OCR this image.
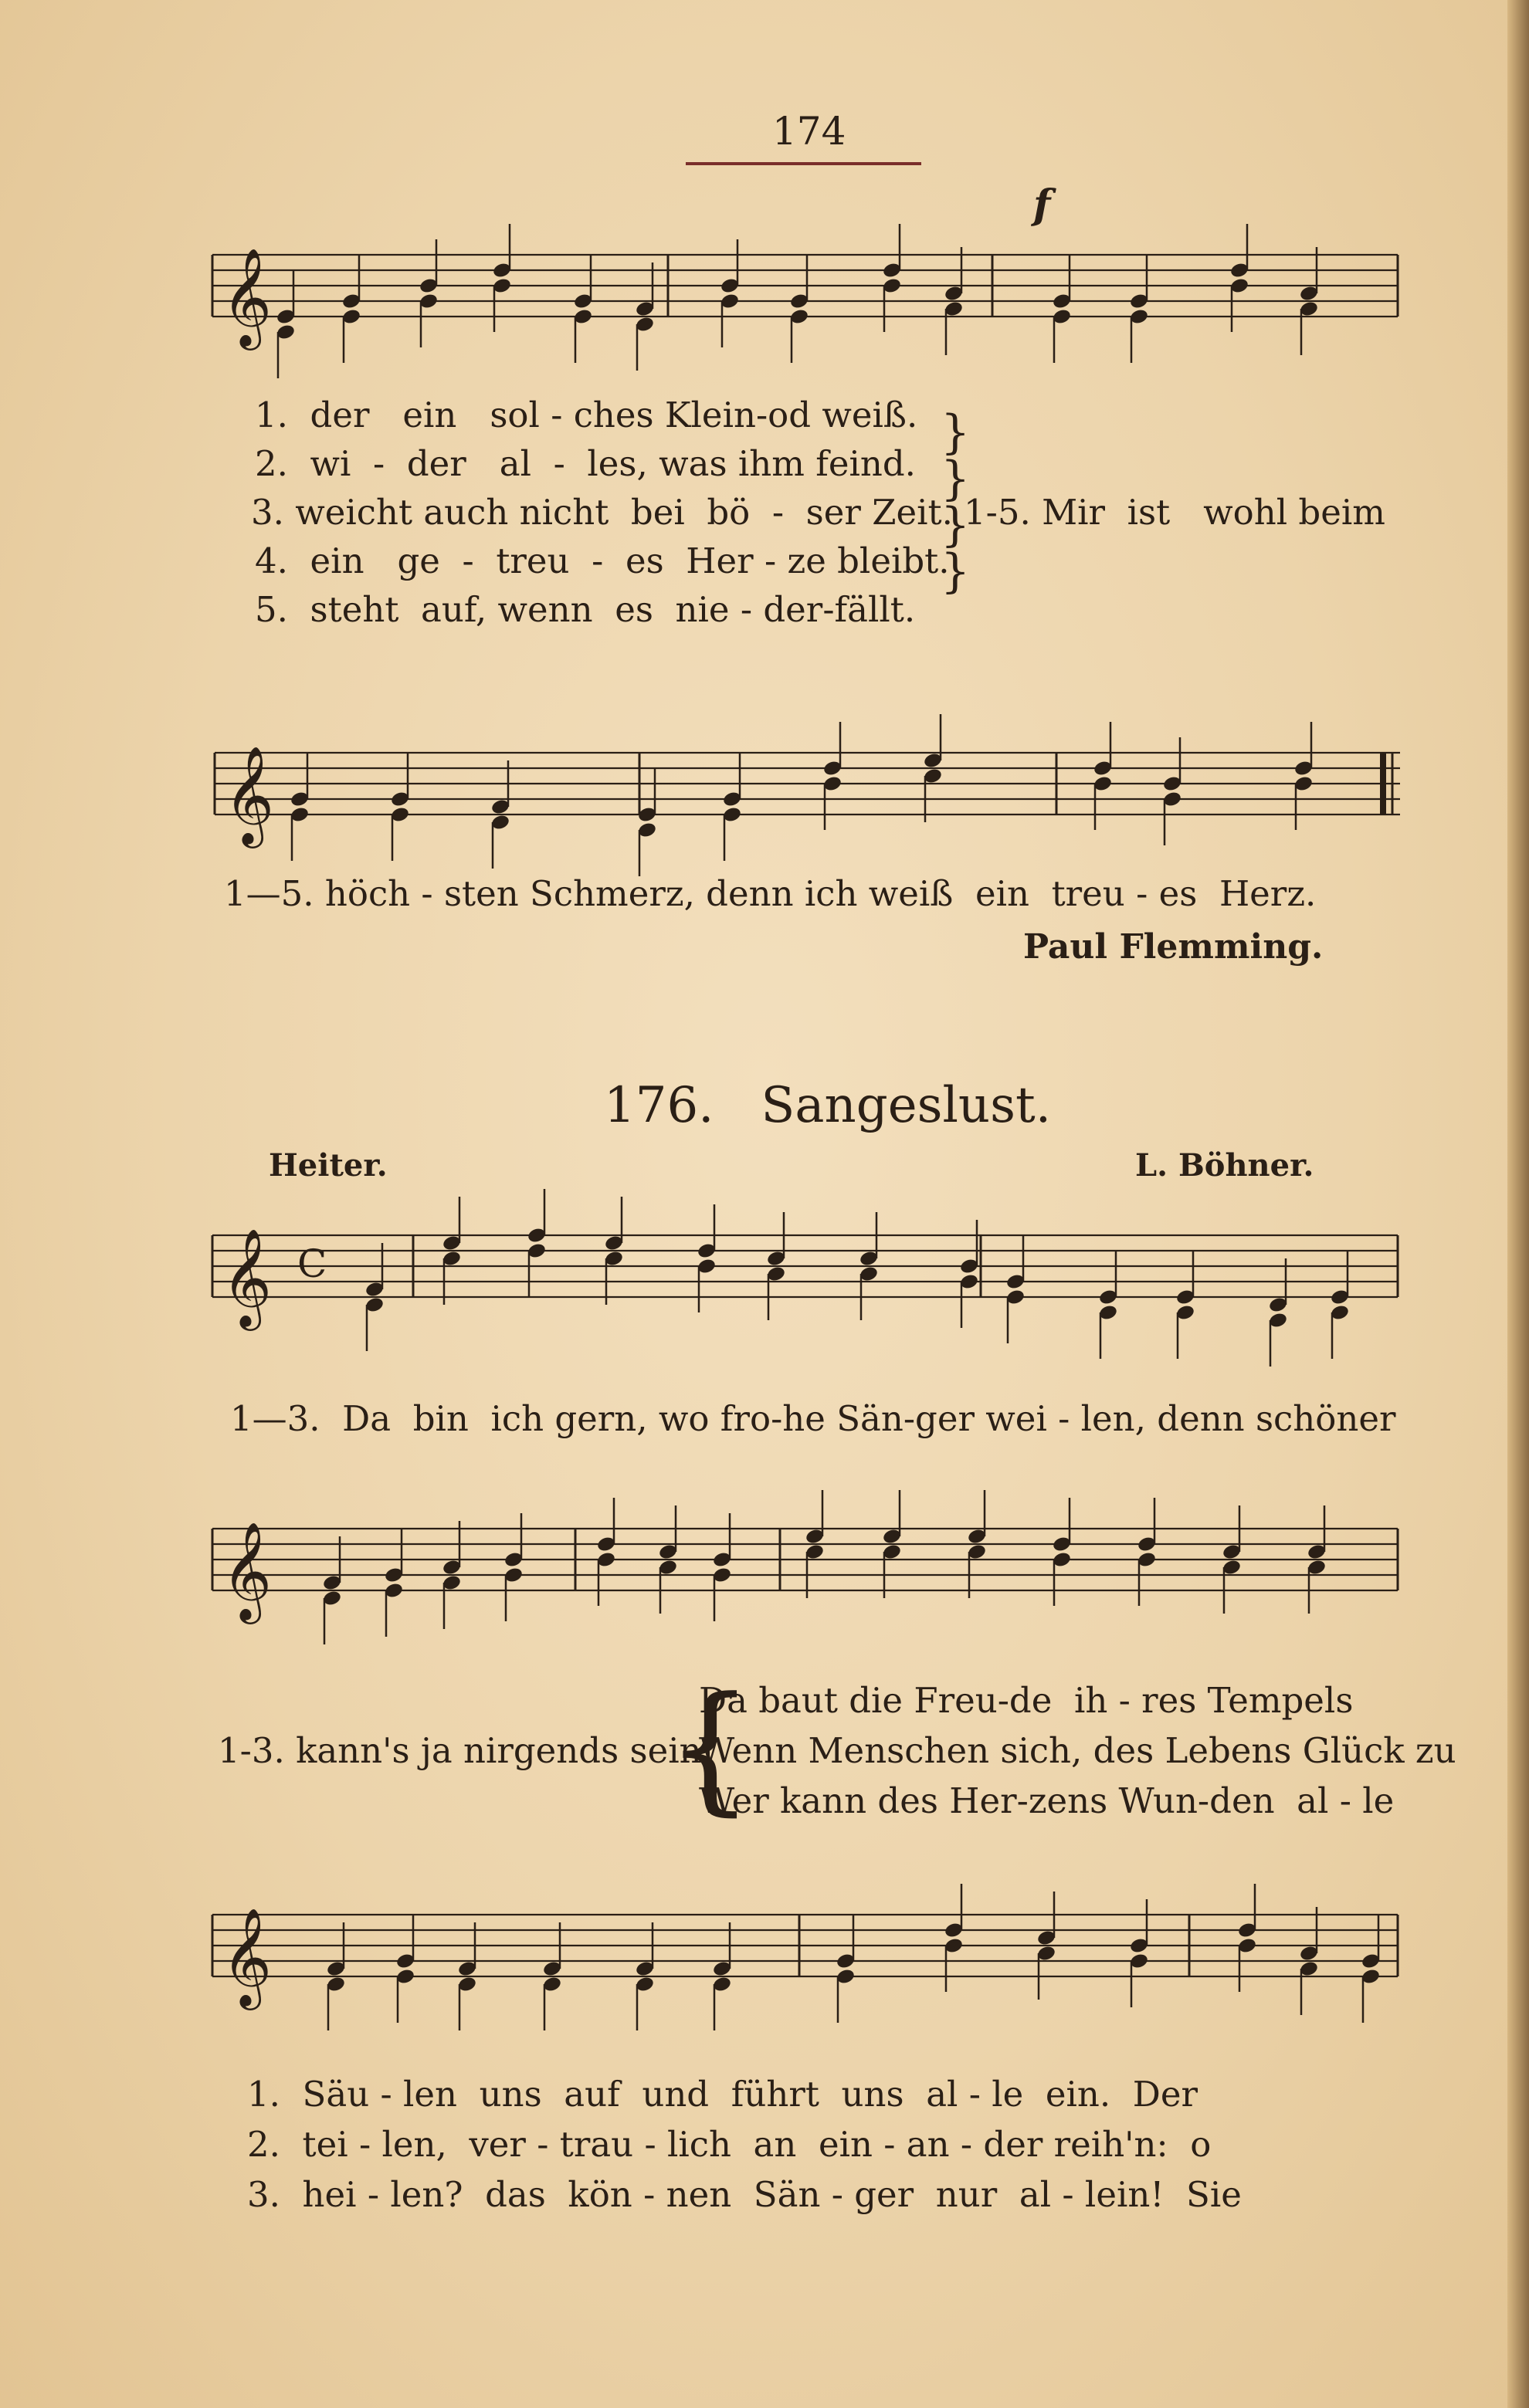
174
f
𝄞
1.  der   ein   sol - ches Klein-od weiß.
2.  wi  -  der   al  -  les, was ihm feind.
3. weicht auch nicht  bei  bö  -  ser Zeit.
4.  ein   ge  -  treu  -  es  Her - ze bleibt.
5.  steht  auf, wenn  es  nie - der-fällt.
}
}
}
}
1-5. Mir  ist   wohl beim
𝄞
1—5. höch - sten Schmerz, denn ich weiß  ein  treu - es  Herz.
Paul Flemming.
176.   Sangeslust.
Heiter.	L. Böhner.
𝄞 C
1—3.  Da  bin  ich gern, wo fro-he Sän-ger wei - len, denn schöner
𝄞
1-3. kann's ja nirgends sein!
{
Da baut die Freu-de  ih - res Tempels
Wenn Menschen sich, des Lebens Glück zu
Wer kann des Her-zens Wun-den  al - le
𝄞
1.  Säu - len  uns  auf  und  führt  uns  al - le  ein.  Der
2.  tei - len,  ver - trau - lich  an  ein - an - der reih'n:  o
3.  hei - len?  das  kön - nen  Sän - ger  nur  al - lein!  Sie
